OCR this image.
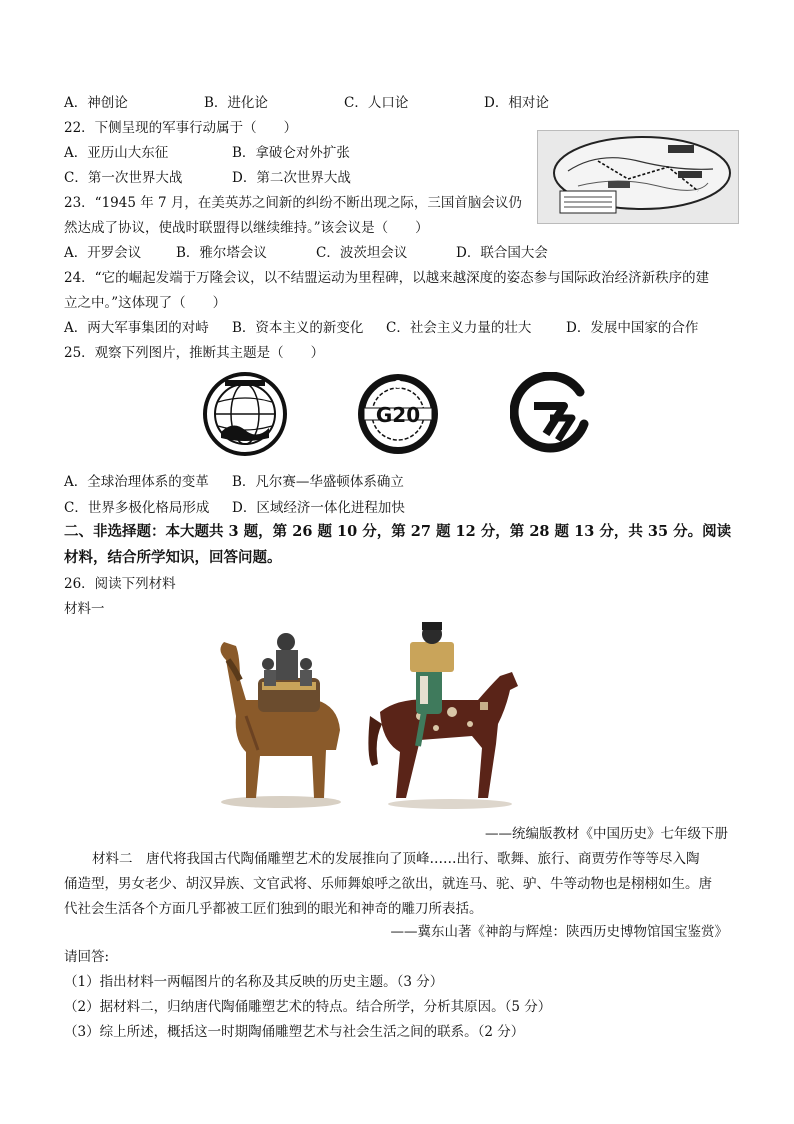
A．神创论	B．进化论	C．人口论	D．相对论
22．下侧呈现的军事行动属于（　　）
A．亚历山大东征	B．拿破仑对外扩张
C．第一次世界大战	D．第二次世界大战
23．“1945 年 7 月，在美英苏之间新的纠纷不断出现之际，三国首脑会议仍
然达成了协议，使战时联盟得以继续维持。”该会议是（　　）
A．开罗会议	B．雅尔塔会议	C．波茨坦会议	D．联合国大会
24．“它的崛起发端于万隆会议，以不结盟运动为里程碑，以越来越深度的姿态参与国际政治经济新秩序的建
立之中。”这体现了（　　）
A．两大军事集团的对峙 B．资本主义的新变化 C．社会主义力量的壮大	D．发展中国家的合作
25．观察下列图片，推断其主题是（　　）
G20
A．全球治理体系的变革 B．凡尔赛—华盛顿体系确立
C．世界多极化格局形成 D．区域经济一体化进程加快
二、非选择题：本大题共 3 题，第 26 题 10 分，第 27 题 12 分，第 28 题 13 分，共 35 分。阅读
材料，结合所学知识，回答问题。
26．阅读下列材料
材料一
——统编版教材《中国历史》七年级下册
材料二　唐代将我国古代陶俑雕塑艺术的发展推向了顶峰……出行、歌舞、旅行、商贾劳作等等尽入陶
俑造型，男女老少、胡汉异族、文官武将、乐师舞娘呼之欲出，就连马、驼、驴、牛等动物也是栩栩如生。唐
代社会生活各个方面几乎都被工匠们独到的眼光和神奇的雕刀所表括。
——冀东山著《神韵与辉煌：陕西历史博物馆国宝鉴赏》
请回答:
（1）指出材料一两幅图片的名称及其反映的历史主题。（3 分）
（2）据材料二，归纳唐代陶俑雕塑艺术的特点。结合所学，分析其原因。（5 分）
（3）综上所述，概括这一时期陶俑雕塑艺术与社会生活之间的联系。（2 分）
